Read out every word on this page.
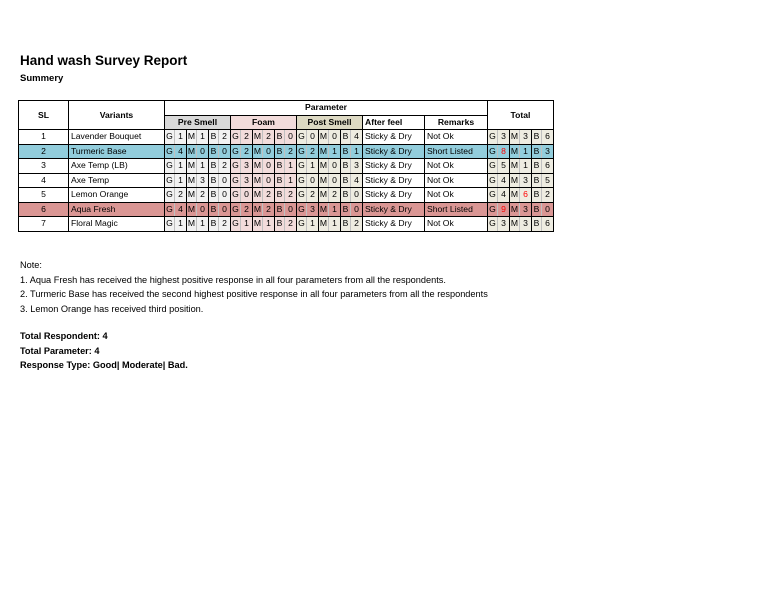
Hand wash Survey Report
Summery
SL	Variants	Parameter																				Total					
		Pre Smell						Foam						Post Smell						After feel	Remarks						
1	Lavender Bouquet	G	1	M	1	B	2	G	2	M	2	B	0	G	0	M	0	B	4	Sticky & Dry	Not Ok	G	3	M	3	B	6
2	Turmeric Base	G	4	M	0	B	0	G	2	M	0	B	2	G	2	M	1	B	1	Sticky & Dry	Short Listed	G	8	M	1	B	3
3	Axe Temp (LB)	G	1	M	1	B	2	G	3	M	0	B	1	G	1	M	0	B	3	Sticky & Dry	Not Ok	G	5	M	1	B	6
4	Axe Temp	G	1	M	3	B	0	G	3	M	0	B	1	G	0	M	0	B	4	Sticky & Dry	Not Ok	G	4	M	3	B	5
5	Lemon Orange	G	2	M	2	B	0	G	0	M	2	B	2	G	2	M	2	B	0	Sticky & Dry	Not Ok	G	4	M	6	B	2
6	Aqua Fresh	G	4	M	0	B	0	G	2	M	2	B	0	G	3	M	1	B	0	Sticky & Dry	Short Listed	G	9	M	3	B	0
7	Floral Magic	G	1	M	1	B	2	G	1	M	1	B	2	G	1	M	1	B	2	Sticky & Dry	Not Ok	G	3	M	3	B	6
Note:
1. Aqua Fresh has received the highest positive response in all four parameters from all the respondents.
2. Turmeric Base has received the second highest positive response in all four parameters from all the respondents
3. Lemon Orange has received third position.
Total Respondent: 4
Total Parameter: 4
Response Type: Good| Moderate| Bad.
